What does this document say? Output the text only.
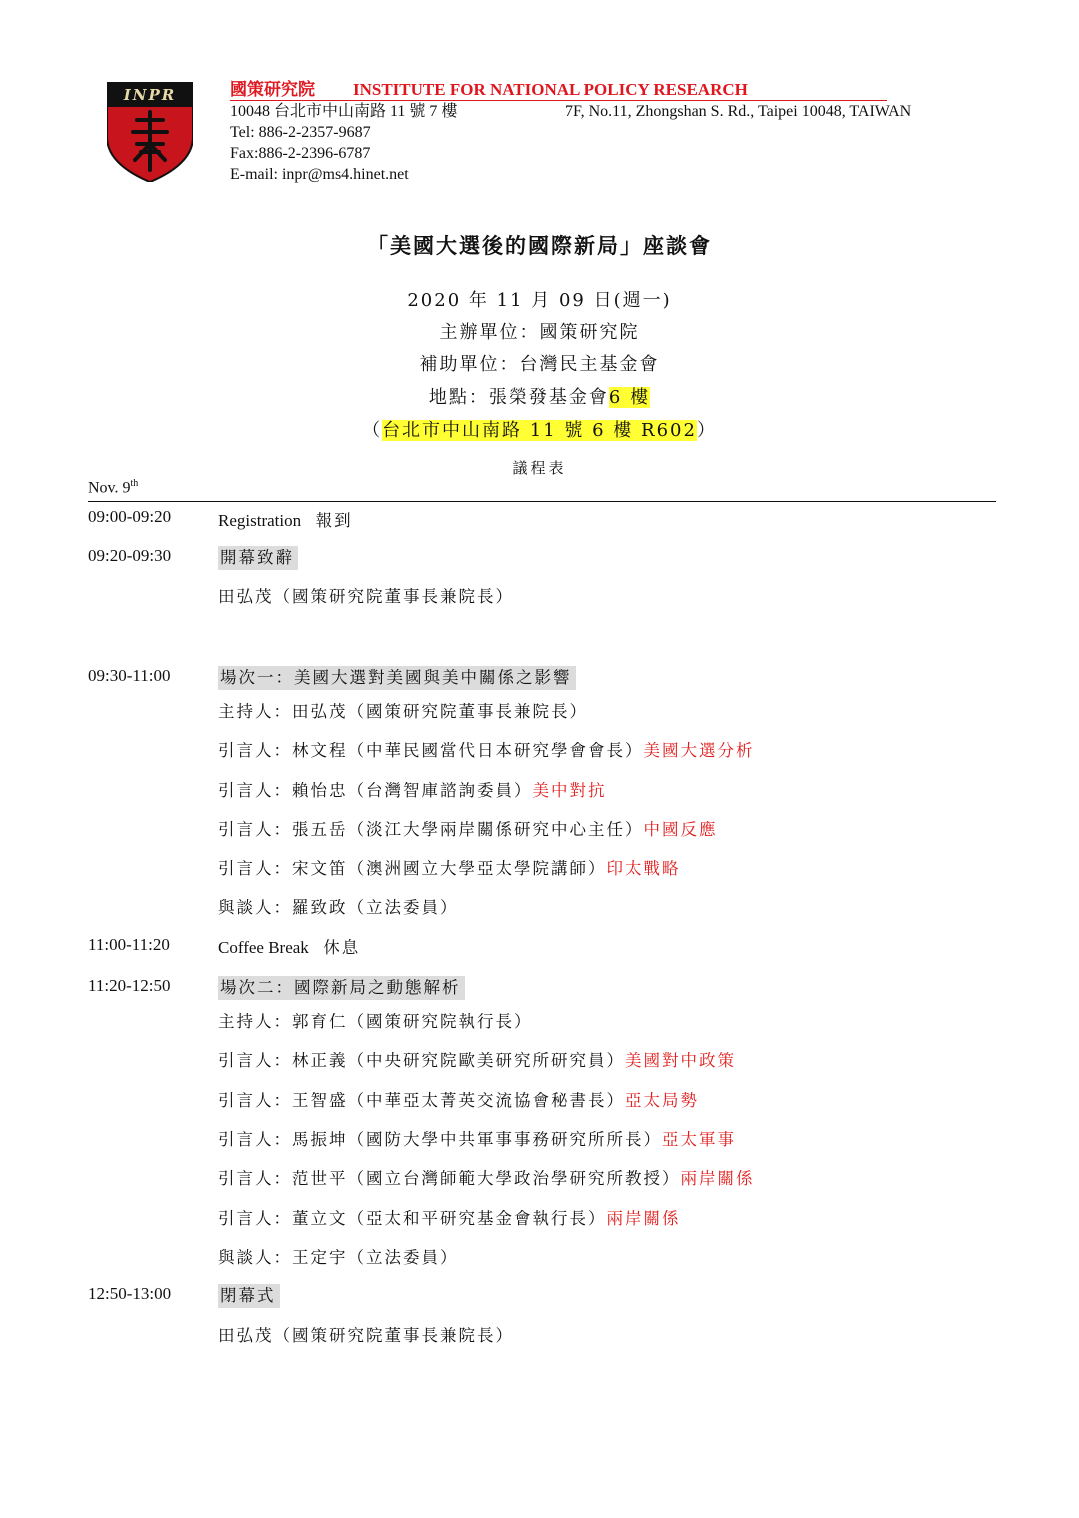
INPR	國策研究院 INSTITUTE FOR NATIONAL POLICY RESEARCH
10048 台北市中山南路 11 號 7 樓	7F, No.11, Zhongshan S. Rd., Taipei 10048, TAIWAN
Tel: 886-2-2357-9687
Fax:886-2-2396-6787
E-mail: inpr@ms4.hinet.net
「美國大選後的國際新局」座談會
2020 年 11 月 09 日(週一)
主辦單位：國策研究院
補助單位：台灣民主基金會
地點：張榮發基金會6 樓
（台北市中山南路 11 號 6 樓 R602）
議程表
Nov. 9th
09:00-09:20	Registration 報到
09:20-09:30	開幕致辭
田弘茂（國策研究院董事長兼院長）
09:30-11:00	場次一：美國大選對美國與美中關係之影響
主持人：田弘茂（國策研究院董事長兼院長）
引言人：林文程（中華民國當代日本研究學會會長）美國大選分析
引言人：賴怡忠（台灣智庫諮詢委員）美中對抗
引言人：張五岳（淡江大學兩岸關係研究中心主任）中國反應
引言人：宋文笛（澳洲國立大學亞太學院講師）印太戰略
與談人：羅致政（立法委員）
11:00-11:20	Coffee Break 休息
11:20-12:50	場次二：國際新局之動態解析
主持人：郭育仁（國策研究院執行長）
引言人：林正義（中央研究院歐美研究所研究員）美國對中政策
引言人：王智盛（中華亞太菁英交流協會秘書長）亞太局勢
引言人：馬振坤（國防大學中共軍事事務研究所所長）亞太軍事
引言人：范世平（國立台灣師範大學政治學研究所教授）兩岸關係
引言人：董立文（亞太和平研究基金會執行長）兩岸關係
與談人：王定宇（立法委員）
12:50-13:00	閉幕式
田弘茂（國策研究院董事長兼院長）
